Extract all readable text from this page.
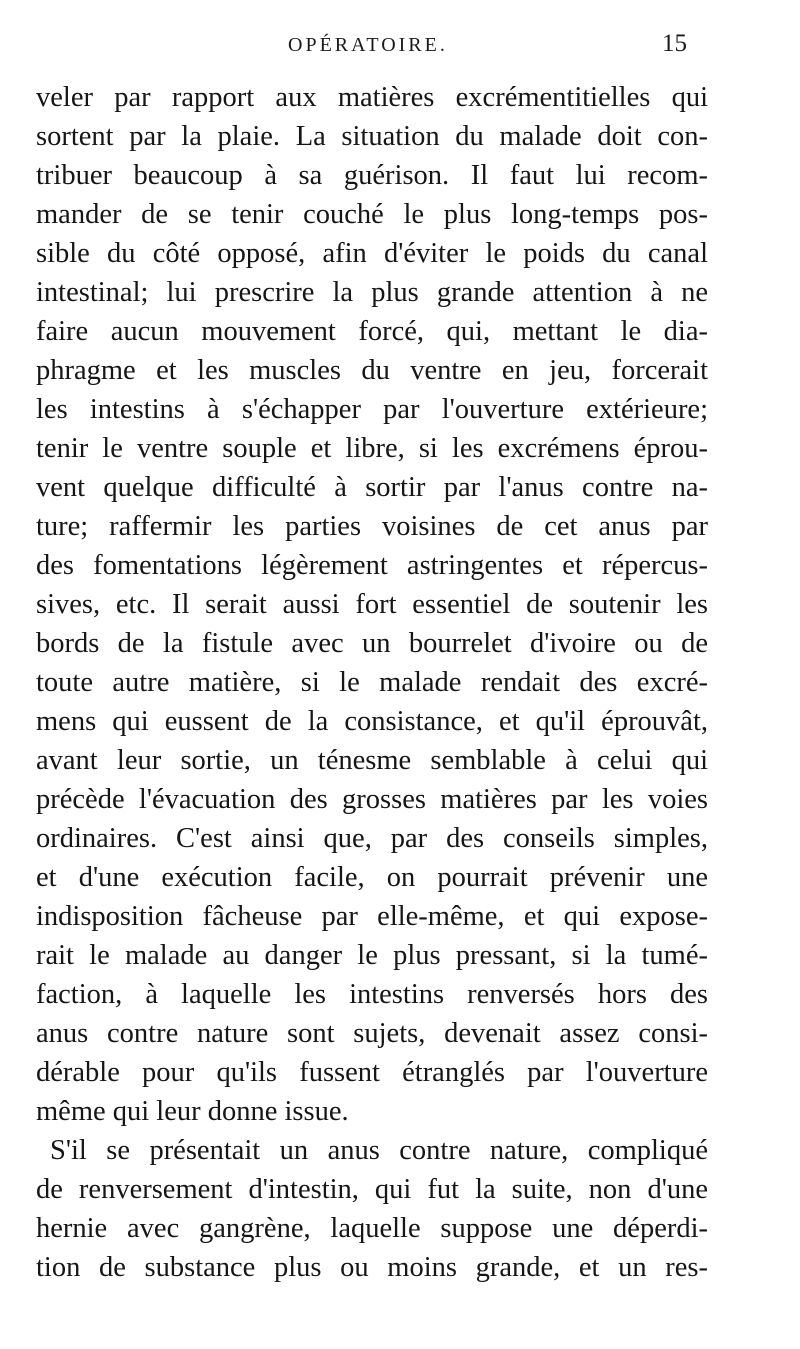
OPÉRATOIRE.	15
veler par rapport aux matières excrémentitielles qui
sortent par la plaie. La situation du malade doit con-
tribuer beaucoup à sa guérison. Il faut lui recom-
mander de se tenir couché le plus long-temps pos-
sible du côté opposé, afin d'éviter le poids du canal
intestinal; lui prescrire la plus grande attention à ne
faire aucun mouvement forcé, qui, mettant le dia-
phragme et les muscles du ventre en jeu, forcerait
les intestins à s'échapper par l'ouverture extérieure;
tenir le ventre souple et libre, si les excrémens éprou-
vent quelque difficulté à sortir par l'anus contre na-
ture; raffermir les parties voisines de cet anus par
des fomentations légèrement astringentes et répercus-
sives, etc. Il serait aussi fort essentiel de soutenir les
bords de la fistule avec un bourrelet d'ivoire ou de
toute autre matière, si le malade rendait des excré-
mens qui eussent de la consistance, et qu'il éprouvât,
avant leur sortie, un ténesme semblable à celui qui
précède l'évacuation des grosses matières par les voies
ordinaires. C'est ainsi que, par des conseils simples,
et d'une exécution facile, on pourrait prévenir une
indisposition fâcheuse par elle-même, et qui expose-
rait le malade au danger le plus pressant, si la tumé-
faction, à laquelle les intestins renversés hors des
anus contre nature sont sujets, devenait assez consi-
dérable pour qu'ils fussent étranglés par l'ouverture
même qui leur donne issue.
S'il se présentait un anus contre nature, compliqué
de renversement d'intestin, qui fut la suite, non d'une
hernie avec gangrène, laquelle suppose une déperdi-
tion de substance plus ou moins grande, et un res-
